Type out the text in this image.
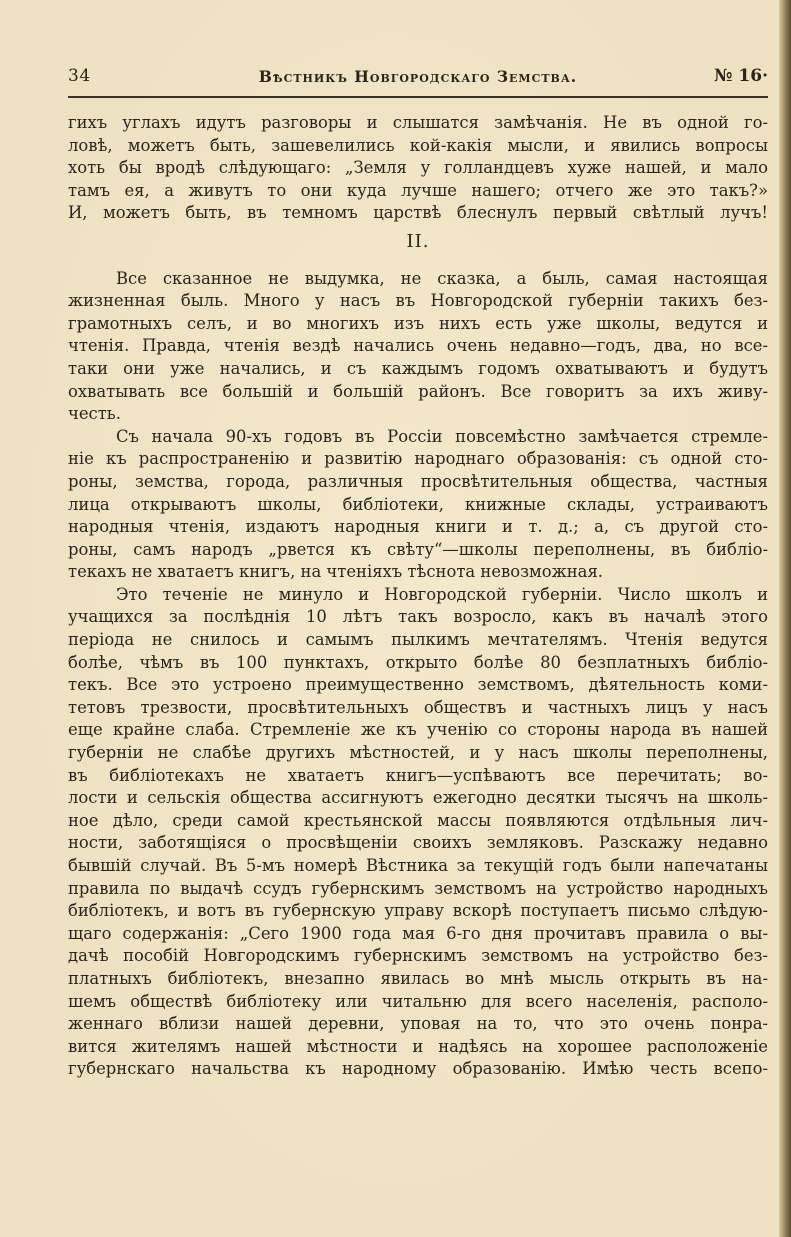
34	Вѣстникъ Новгородскаго Земства.	№ 16·
гихъ углахъ идутъ разговоры и слышатся замѣчанія. Не въ одной го-
ловѣ, можетъ быть, зашевелились кой-какія мысли, и явились вопросы
хоть бы вродѣ слѣдующаго: „Земля у голландцевъ хуже нашей, и мало
тамъ ея, а живутъ то они куда лучше нашего; отчего же это такъ?»
И, можетъ быть, въ темномъ царствѣ блеснулъ первый свѣтлый лучъ!
II.
Все сказанное не выдумка, не сказка, а быль, самая настоящая
жизненная быль. Много у насъ въ Новгородской губерніи такихъ без-
грамотныхъ селъ, и во многихъ изъ нихъ есть уже школы, ведутся и
чтенія. Правда, чтенія вездѣ начались очень недавно—годъ, два, но все-
таки они уже начались, и съ каждымъ годомъ охватываютъ и будутъ
охватывать все большій и большій районъ. Все говоритъ за ихъ живу-
честь.
Съ начала 90-хъ годовъ въ Россіи повсемѣстно замѣчается стремле-
ніе къ распространенію и развитію народнаго образованія: съ одной сто-
роны, земства, города, различныя просвѣтительныя общества, частныя
лица открываютъ школы, библіотеки, книжные склады, устраиваютъ
народныя чтенія, издаютъ народныя книги и т. д.; а, съ другой сто-
роны, самъ народъ „рвется къ свѣту“—школы переполнены, въ библіо-
текахъ не хватаетъ книгъ, на чтеніяхъ тѣснота невозможная.
Это теченіе не минуло и Новгородской губерніи. Число школъ и
учащихся за послѣднія 10 лѣтъ такъ возросло, какъ въ началѣ этого
періода не снилось и самымъ пылкимъ мечтателямъ. Чтенія ведутся
болѣе, чѣмъ въ 100 пунктахъ, открыто болѣе 80 безплатныхъ библіо-
текъ. Все это устроено преимущественно земствомъ, дѣятельность коми-
тетовъ трезвости, просвѣтительныхъ обществъ и частныхъ лицъ у насъ
еще крайне слаба. Стремленіе же къ ученію со стороны народа въ нашей
губерніи не слабѣе другихъ мѣстностей, и у насъ школы переполнены,
въ библіотекахъ не хватаетъ книгъ—успѣваютъ все перечитать; во-
лости и сельскія общества ассигнуютъ ежегодно десятки тысячъ на школь-
ное дѣло, среди самой крестьянской массы появляются отдѣльныя лич-
ности, заботящіяся о просвѣщеніи своихъ земляковъ. Разскажу недавно
бывшій случай. Въ 5-мъ номерѣ Вѣстника за текущій годъ были напечатаны
правила по выдачѣ ссудъ губернскимъ земствомъ на устройство народныхъ
библіотекъ, и вотъ въ губернскую управу вскорѣ поступаетъ письмо слѣдую-
щаго содержанія: „Сего 1900 года мая 6-го дня прочитавъ правила о вы-
дачѣ пособій Новгородскимъ губернскимъ земствомъ на устройство без-
платныхъ библіотекъ, внезапно явилась во мнѣ мысль открыть въ на-
шемъ обществѣ библіотеку или читальню для всего населенія, располо-
женнаго вблизи нашей деревни, уповая на то, что это очень понра-
вится жителямъ нашей мѣстности и надѣясь на хорошее расположеніе
губернскаго начальства къ народному образованію. Имѣю честь всепо-
